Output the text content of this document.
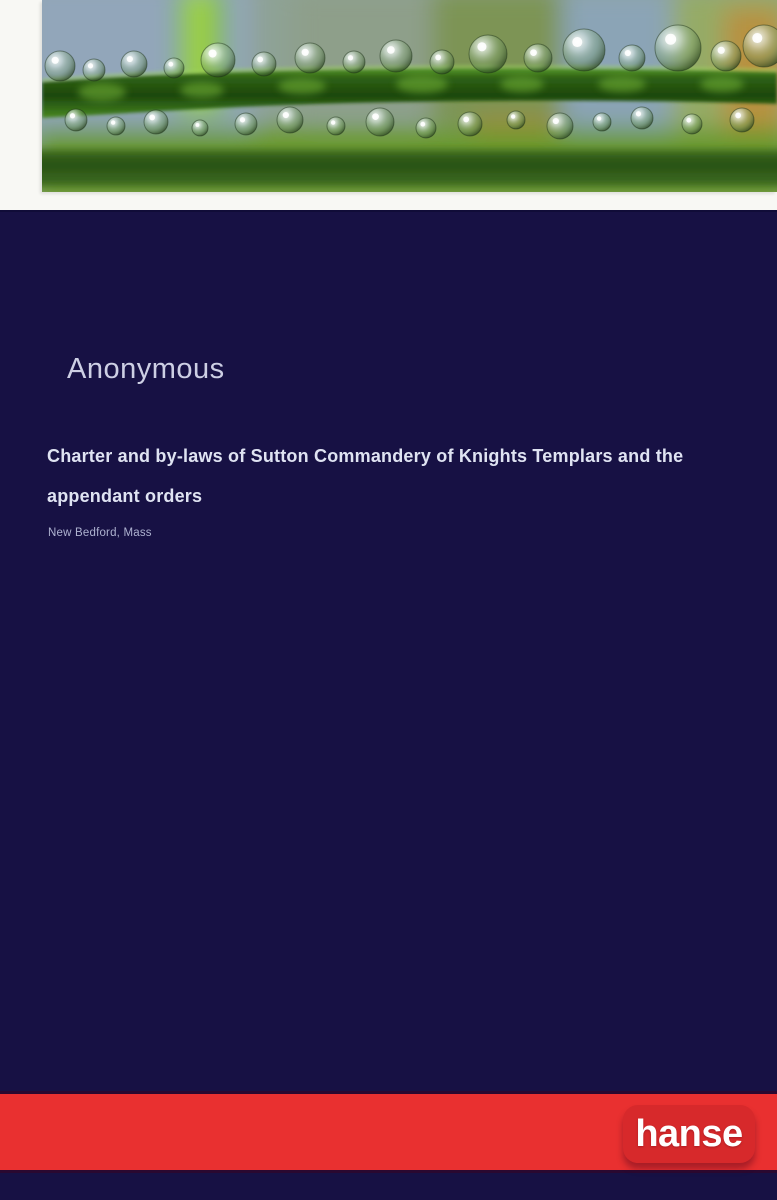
Anonymous
Charter and by-laws of Sutton Commandery of Knights Templars and the appendant orders
New Bedford, Mass
hanse
